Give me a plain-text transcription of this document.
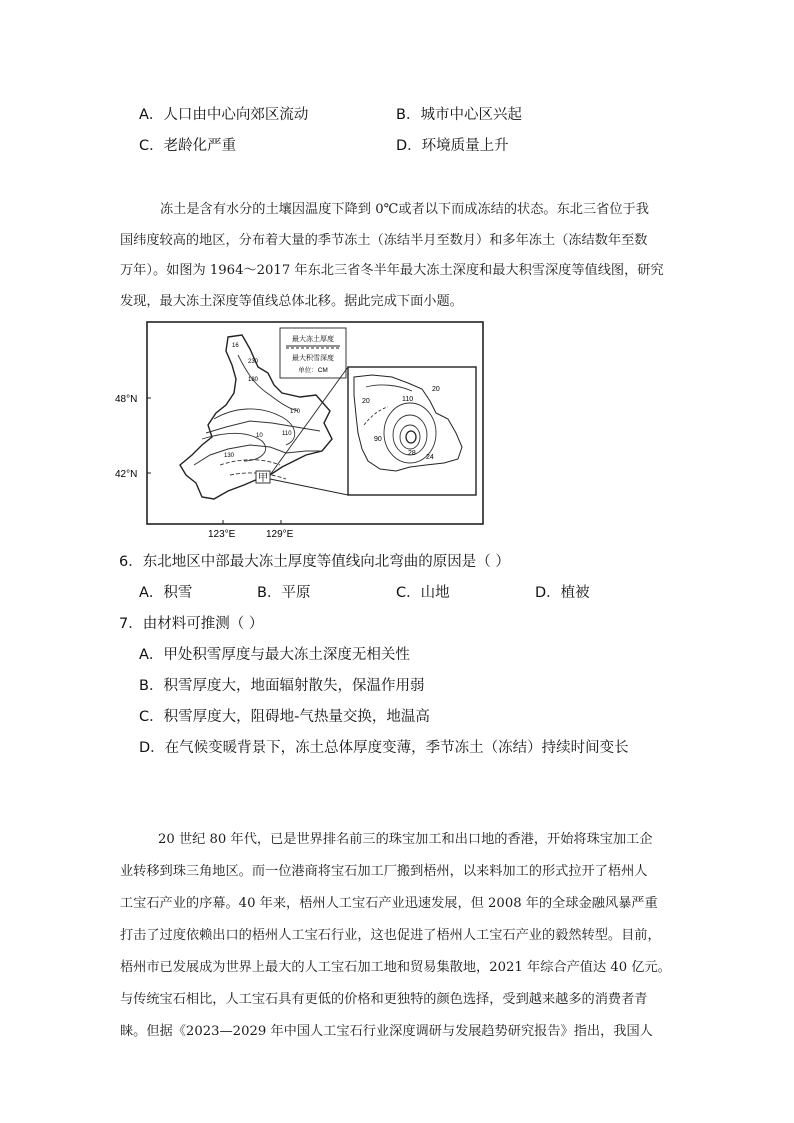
A．人口由中心向郊区流动	B．城市中心区兴起
C．老龄化严重	D．环境质量上升
冻土是含有水分的土壤因温度下降到 0℃或者以下而成冻结的状态。东北三省位于我
国纬度较高的地区，分布着大量的季节冻土（冻结半月至数月）和多年冻土（冻结数年至数
万年）。如图为 1964～2017 年东北三省冬半年最大冻土深度和最大积雪深度等值线图，研究
发现，最大冻土深度等值线总体北移。据此完成下面小题。
最大冻土厚度
最大积雪深度
单位：CM
16
230
180
170
110
130
10
甲
20
20
110
90
28
24
48°N
42°N
123°E	129°E
6．东北地区中部最大冻土厚度等值线向北弯曲的原因是（ ）
A．积雪	B．平原	C．山地	D．植被
7．由材料可推测（ ）
A．甲处积雪厚度与最大冻土深度无相关性
B．积雪厚度大，地面辐射散失，保温作用弱
C．积雪厚度大，阻碍地-气热量交换，地温高
D．在气候变暖背景下，冻土总体厚度变薄，季节冻土（冻结）持续时间变长
20 世纪 80 年代，已是世界排名前三的珠宝加工和出口地的香港，开始将珠宝加工企
业转移到珠三角地区。而一位港商将宝石加工厂搬到梧州，以来料加工的形式拉开了梧州人
工宝石产业的序幕。40 年来，梧州人工宝石产业迅速发展，但 2008 年的全球金融风暴严重
打击了过度依赖出口的梧州人工宝石行业，这也促进了梧州人工宝石产业的毅然转型。目前，
梧州市已发展成为世界上最大的人工宝石加工地和贸易集散地，2021 年综合产值达 40 亿元。
与传统宝石相比，人工宝石具有更低的价格和更独特的颜色选择，受到越来越多的消费者青
睐。但据《2023—2029 年中国人工宝石行业深度调研与发展趋势研究报告》指出，我国人
